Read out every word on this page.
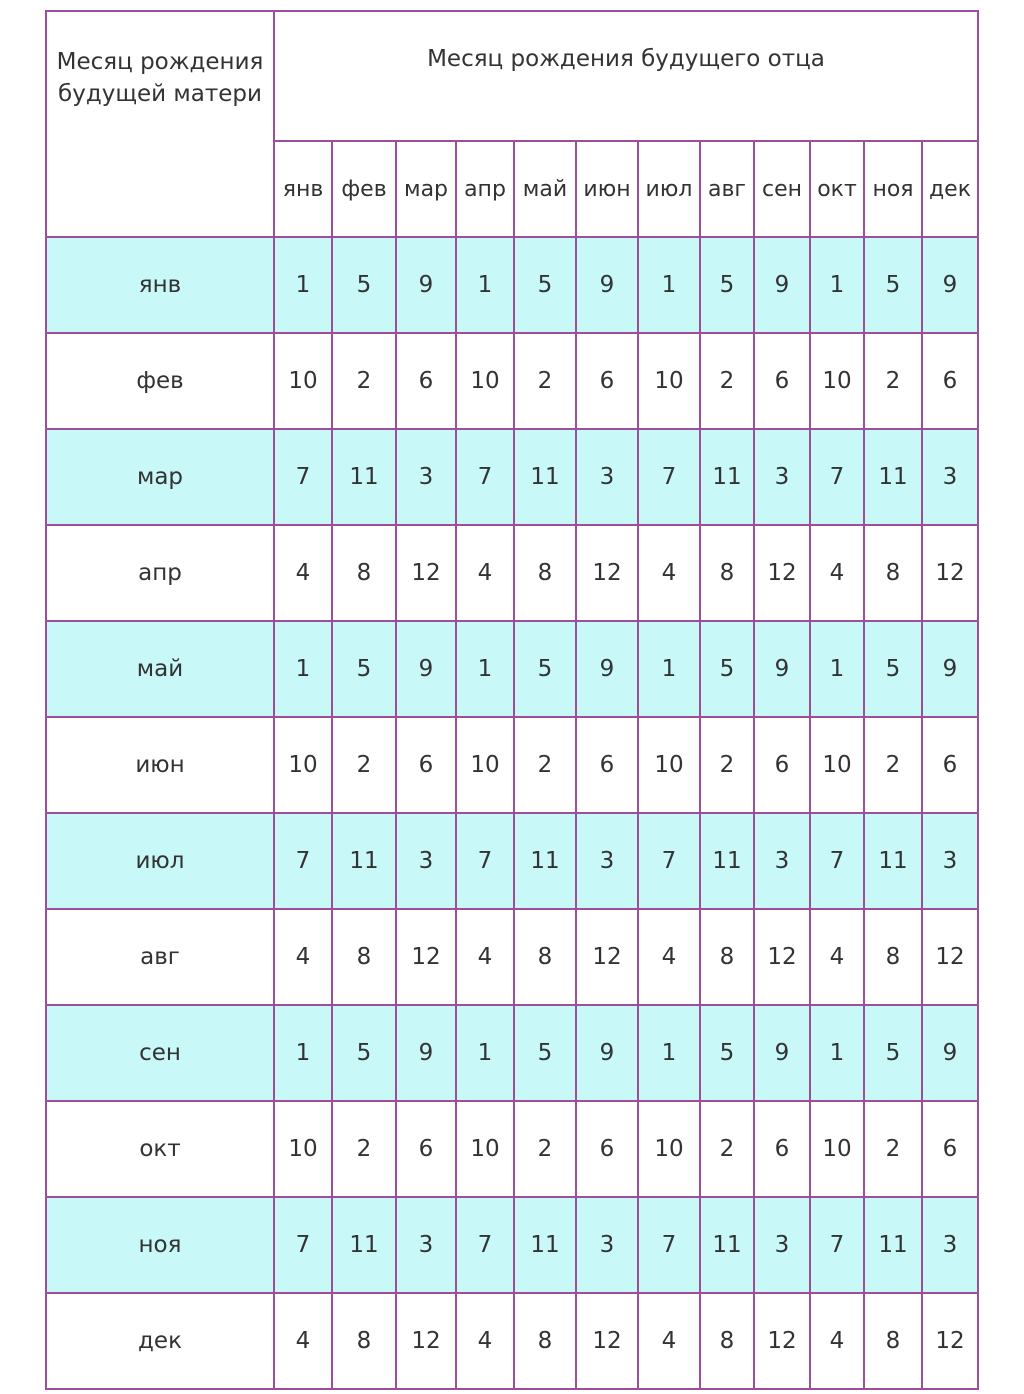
Месяц рождения будущей матери	Месяц рождения будущего отца											
	янв	фев	мар	апр	май	июн	июл	авг	сен	окт	ноя	дек
янв	1	5	9	1	5	9	1	5	9	1	5	9
фев	10	2	6	10	2	6	10	2	6	10	2	6
мар	7	11	3	7	11	3	7	11	3	7	11	3
апр	4	8	12	4	8	12	4	8	12	4	8	12
май	1	5	9	1	5	9	1	5	9	1	5	9
июн	10	2	6	10	2	6	10	2	6	10	2	6
июл	7	11	3	7	11	3	7	11	3	7	11	3
авг	4	8	12	4	8	12	4	8	12	4	8	12
сен	1	5	9	1	5	9	1	5	9	1	5	9
окт	10	2	6	10	2	6	10	2	6	10	2	6
ноя	7	11	3	7	11	3	7	11	3	7	11	3
дек	4	8	12	4	8	12	4	8	12	4	8	12
